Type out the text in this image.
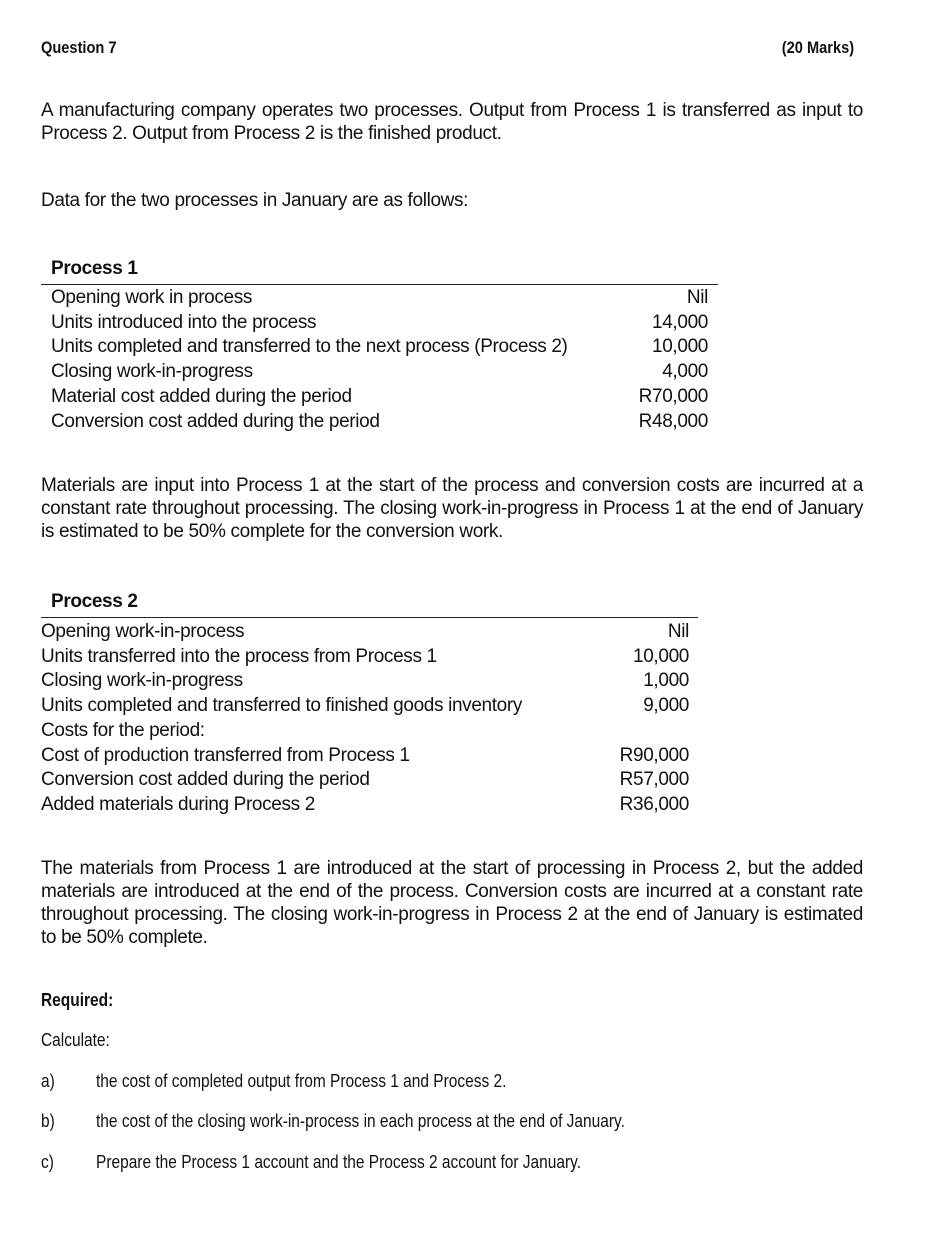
Question 7	(20 Marks)
A manufacturing company operates two processes. Output from Process 1 is transferred as input to Process 2. Output from Process 2 is the finished product.
Data for the two processes in January are as follows:
Process 1
Opening work in process	Nil
Units introduced into the process	14,000
Units completed and transferred to the next process (Process 2)	10,000
Closing work-in-progress	4,000
Material cost added during the period	R70,000
Conversion cost added during the period	R48,000
Materials are input into Process 1 at the start of the process and conversion costs are incurred at a constant rate throughout processing. The closing work-in-progress in Process 1 at the end of January is estimated to be 50% complete for the conversion work.
Process 2
Opening work-in-process	Nil
Units transferred into the process from Process 1	10,000
Closing work-in-progress	1,000
Units completed and transferred to finished goods inventory	9,000
Costs for the period:
Cost of production transferred from Process 1	R90,000
Conversion cost added during the period	R57,000
Added materials during Process 2	R36,000
The materials from Process 1 are introduced at the start of processing in Process 2, but the added materials are introduced at the end of the process. Conversion costs are incurred at a constant rate throughout processing. The closing work-in-progress in Process 2 at the end of January is estimated to be 50% complete.
Required:
Calculate:
a) the cost of completed output from Process 1 and Process 2.
b) the cost of the closing work-in-process in each process at the end of January.
c) Prepare the Process 1 account and the Process 2 account for January.
